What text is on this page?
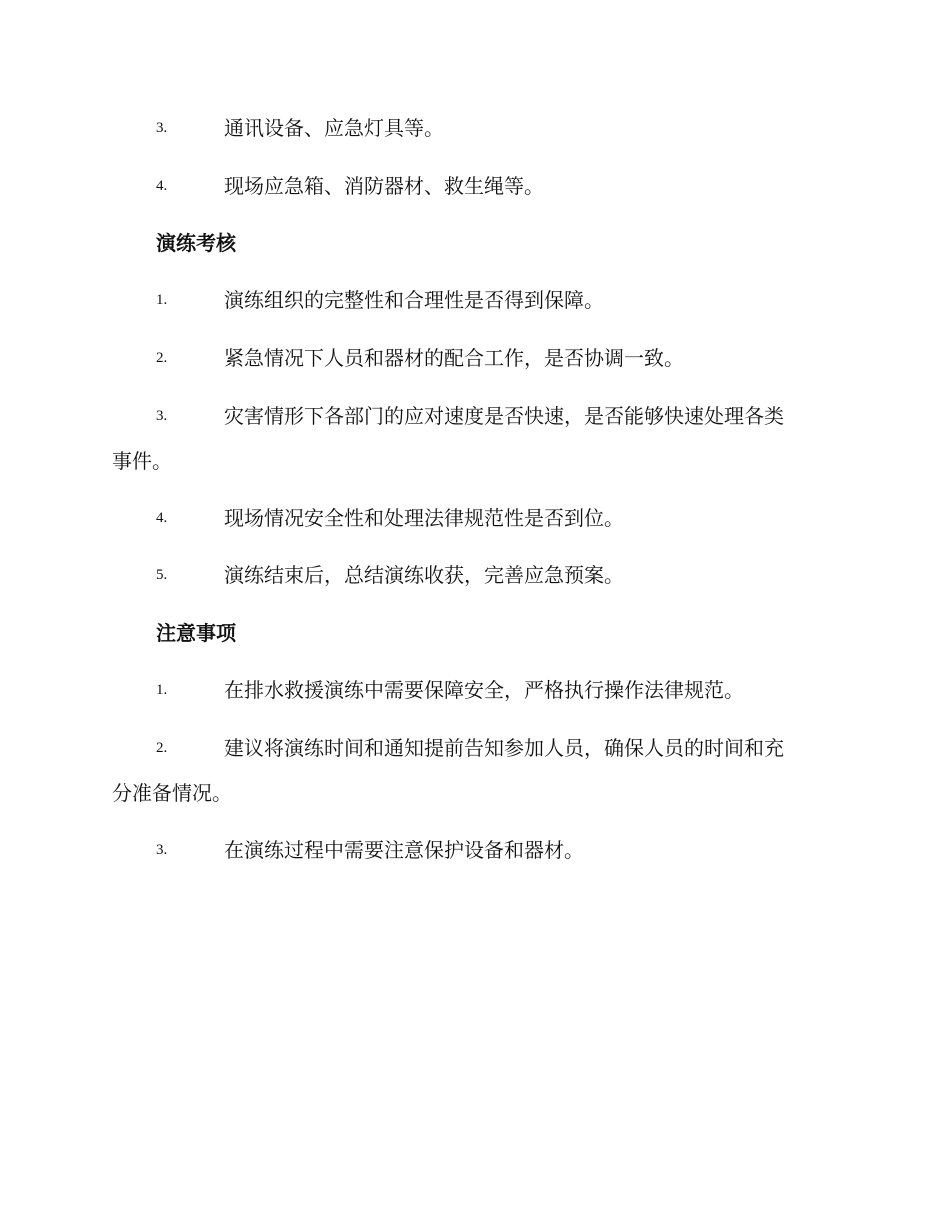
3.	通讯设备、应急灯具等。
4.	现场应急箱、消防器材、救生绳等。
演练考核
1.	演练组织的完整性和合理性是否得到保障。
2.	紧急情况下人员和器材的配合工作，是否协调一致。
3.	灾害情形下各部门的应对速度是否快速，是否能够快速处理各类
事件。
4.	现场情况安全性和处理法律规范性是否到位。
5.	演练结束后，总结演练收获，完善应急预案。
注意事项
1.	在排水救援演练中需要保障安全，严格执行操作法律规范。
2.	建议将演练时间和通知提前告知参加人员，确保人员的时间和充
分准备情况。
3.	在演练过程中需要注意保护设备和器材。
